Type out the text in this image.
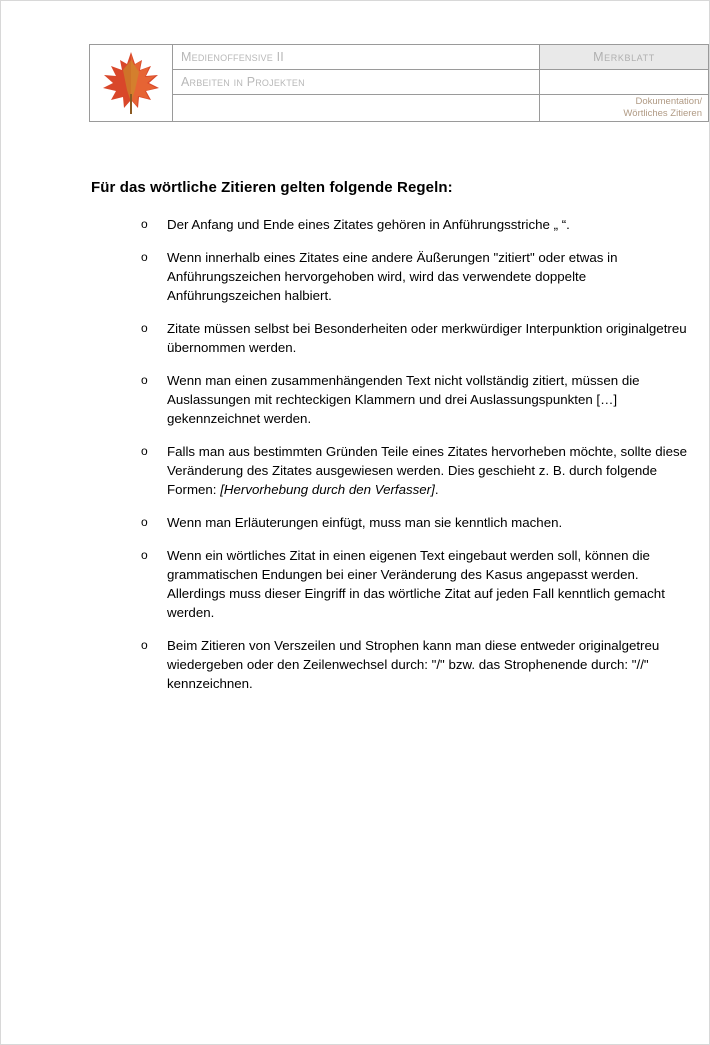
	Medienoffensive II	Merkblatt
	Arbeiten in Projekten	

		Dokumentation/
Wörtliches Zitieren
Für das wörtliche Zitieren gelten folgende Regeln:
o Der Anfang und Ende eines Zitates gehören in Anführungsstriche „ “.
o Wenn innerhalb eines Zitates eine andere Äußerungen "zitiert" oder etwas in Anführungszeichen hervorgehoben wird, wird das verwendete doppelte Anführungszeichen halbiert.
o Zitate müssen selbst bei Besonderheiten oder merkwürdiger Interpunktion originalgetreu übernommen werden.
o Wenn man einen zusammenhängenden Text nicht vollständig zitiert, müssen die Auslassungen mit rechteckigen Klammern und drei Auslassungspunkten […] gekennzeichnet werden.
o Falls man aus bestimmten Gründen Teile eines Zitates hervorheben möchte, sollte diese Veränderung des Zitates ausgewiesen werden. Dies geschieht z. B. durch folgende Formen: [Hervorhebung durch den Verfasser].
o Wenn man Erläuterungen einfügt, muss man sie kenntlich machen.
o Wenn ein wörtliches Zitat in einen eigenen Text eingebaut werden soll, können die grammatischen Endungen bei einer Veränderung des Kasus angepasst werden. Allerdings muss dieser Eingriff in das wörtliche Zitat auf jeden Fall kenntlich gemacht werden.
o Beim Zitieren von Verszeilen und Strophen kann man diese entweder originalgetreu wiedergeben oder den Zeilenwechsel durch: "/" bzw. das Strophenende durch: "//" kennzeichnen.
